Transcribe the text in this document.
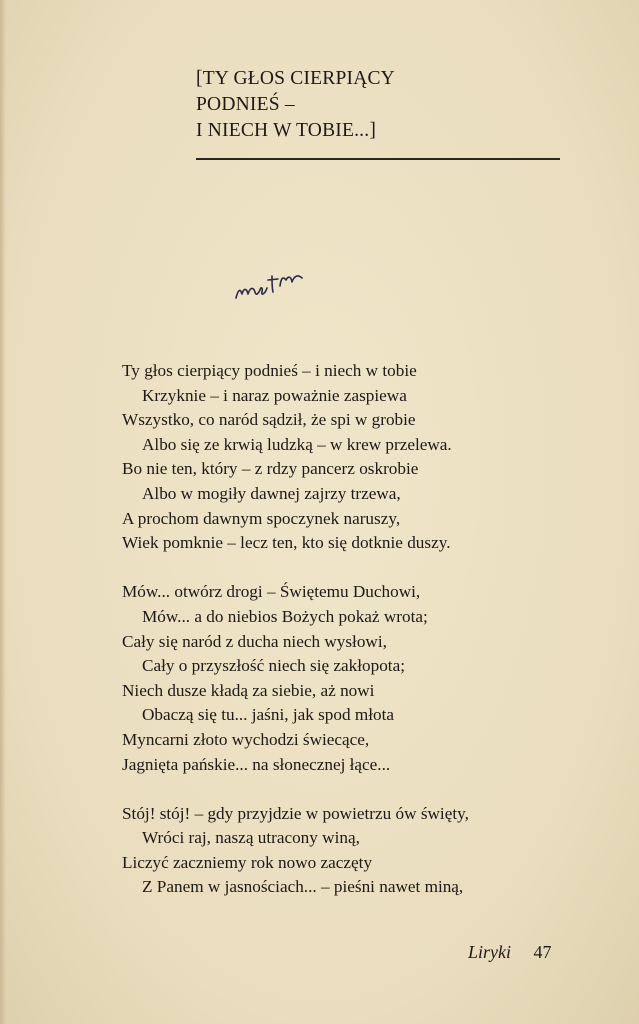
[TY GŁOS CIERPIĄCY
PODNIEŚ –
I NIECH W TOBIE...]
Ty głos cierpiący podnieś – i niech w tobie
Krzyknie – i naraz poważnie zaspiewa
Wszystko, co naród sądził, że spi w grobie
Albo się ze krwią ludzką – w krew przelewa.
Bo nie ten, który – z rdzy pancerz oskrobie
Albo w mogiły dawnej zajrzy trzewa,
A prochom dawnym spoczynek naruszy,
Wiek pomknie – lecz ten, kto się dotknie duszy.
Mów... otwórz drogi – Świętemu Duchowi,
Mów... a do niebios Bożych pokaż wrota;
Cały się naród z ducha niech wysłowi,
Cały o przyszłość niech się zakłopota;
Niech dusze kładą za siebie, aż nowi
Obaczą się tu... jaśni, jak spod młota
Myncarni złoto wychodzi świecące,
Jagnięta pańskie... na słonecznej łące...
Stój! stój! – gdy przyjdzie w powietrzu ów święty,
Wróci raj, naszą utracony winą,
Liczyć zaczniemy rok nowo zaczęty
Z Panem w jasnościach... – pieśni nawet miną,
Liryki 47
